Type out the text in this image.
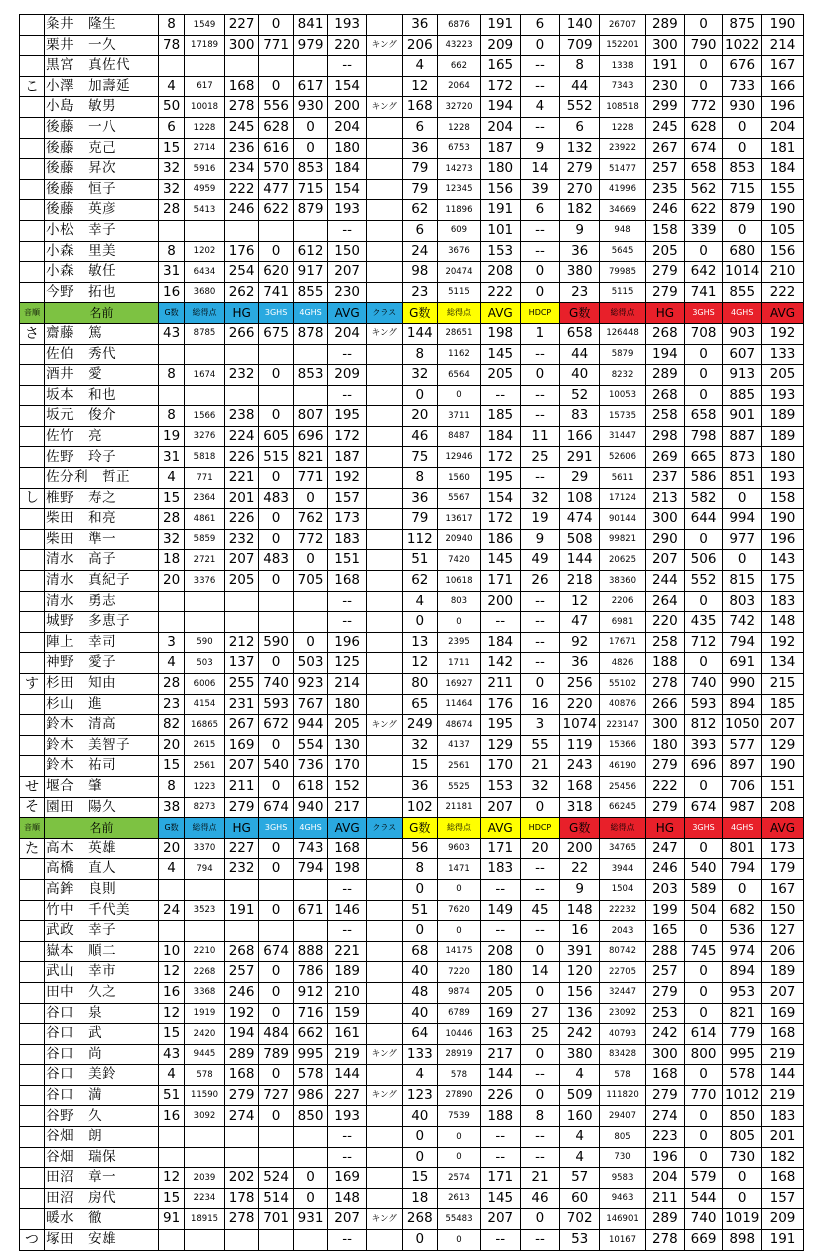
	粂井　隆生	8	1549	227	0	841	193		36	6876	191	6	140	26707	289	0	875	190
	栗井　一久	78	17189	300	771	979	220	キング	206	43223	209	0	709	152201	300	790	1022	214
	黒宮　真佐代						--		4	662	165	--	8	1338	191	0	676	167
こ	小澤　加壽延	4	617	168	0	617	154		12	2064	172	--	44	7343	230	0	733	166
	小島　敏男	50	10018	278	556	930	200	キング	168	32720	194	4	552	108518	299	772	930	196
	後藤　一八	6	1228	245	628	0	204		6	1228	204	--	6	1228	245	628	0	204
	後藤　克己	15	2714	236	616	0	180		36	6753	187	9	132	23922	267	674	0	181
	後藤　昇次	32	5916	234	570	853	184		79	14273	180	14	279	51477	257	658	853	184
	後藤　恒子	32	4959	222	477	715	154		79	12345	156	39	270	41996	235	562	715	155
	後藤　英彦	28	5413	246	622	879	193		62	11896	191	6	182	34669	246	622	879	190
	小松　幸子						--		6	609	101	--	9	948	158	339	0	105
	小森　里美	8	1202	176	0	612	150		24	3676	153	--	36	5645	205	0	680	156
	小森　敏任	31	6434	254	620	917	207		98	20474	208	0	380	79985	279	642	1014	210
	今野　拓也	16	3680	262	741	855	230		23	5115	222	0	23	5115	279	741	855	222
音順	名前	G数	総得点	HG	3GHS	4GHS	AVG	クラス	G数	総得点	AVG	HDCP	G数	総得点	HG	3GHS	4GHS	AVG
さ	齋藤　篤	43	8785	266	675	878	204	キング	144	28651	198	1	658	126448	268	708	903	192
	佐伯　秀代						--		8	1162	145	--	44	5879	194	0	607	133
	酒井　愛	8	1674	232	0	853	209		32	6564	205	0	40	8232	289	0	913	205
	坂本　和也						--		0	0	--	--	52	10053	268	0	885	193
	坂元　俊介	8	1566	238	0	807	195		20	3711	185	--	83	15735	258	658	901	189
	佐竹　亮	19	3276	224	605	696	172		46	8487	184	11	166	31447	298	798	887	189
	佐野　玲子	31	5818	226	515	821	187		75	12946	172	25	291	52606	269	665	873	180
	佐分利　哲正	4	771	221	0	771	192		8	1560	195	--	29	5611	237	586	851	193
し	椎野　寿之	15	2364	201	483	0	157		36	5567	154	32	108	17124	213	582	0	158
	柴田　和亮	28	4861	226	0	762	173		79	13617	172	19	474	90144	300	644	994	190
	柴田　準一	32	5859	232	0	772	183		112	20940	186	9	508	99821	290	0	977	196
	清水　高子	18	2721	207	483	0	151		51	7420	145	49	144	20625	207	506	0	143
	清水　真紀子	20	3376	205	0	705	168		62	10618	171	26	218	38360	244	552	815	175
	清水　勇志						--		4	803	200	--	12	2206	264	0	803	183
	城野　多恵子						--		0	0	--	--	47	6981	220	435	742	148
	陣上　幸司	3	590	212	590	0	196		13	2395	184	--	92	17671	258	712	794	192
	神野　愛子	4	503	137	0	503	125		12	1711	142	--	36	4826	188	0	691	134
す	杉田　知由	28	6006	255	740	923	214		80	16927	211	0	256	55102	278	740	990	215
	杉山　進	23	4154	231	593	767	180		65	11464	176	16	220	40876	266	593	894	185
	鈴木　清高	82	16865	267	672	944	205	キング	249	48674	195	3	1074	223147	300	812	1050	207
	鈴木　美智子	20	2615	169	0	554	130		32	4137	129	55	119	15366	180	393	577	129
	鈴木　祐司	15	2561	207	540	736	170		15	2561	170	21	243	46190	279	696	897	190
せ	堰合　肇	8	1223	211	0	618	152		36	5525	153	32	168	25456	222	0	706	151
そ	園田　陽久	38	8273	279	674	940	217		102	21181	207	0	318	66245	279	674	987	208
音順	名前	G数	総得点	HG	3GHS	4GHS	AVG	クラス	G数	総得点	AVG	HDCP	G数	総得点	HG	3GHS	4GHS	AVG
た	高木　英雄	20	3370	227	0	743	168		56	9603	171	20	200	34765	247	0	801	173
	高橋　直人	4	794	232	0	794	198		8	1471	183	--	22	3944	246	540	794	179
	高鉾　良則						--		0	0	--	--	9	1504	203	589	0	167
	竹中　千代美	24	3523	191	0	671	146		51	7620	149	45	148	22232	199	504	682	150
	武政　幸子						--		0	0	--	--	16	2043	165	0	536	127
	嶽本　順二	10	2210	268	674	888	221		68	14175	208	0	391	80742	288	745	974	206
	武山　幸市	12	2268	257	0	786	189		40	7220	180	14	120	22705	257	0	894	189
	田中　久之	16	3368	246	0	912	210		48	9874	205	0	156	32447	279	0	953	207
	谷口　泉	12	1919	192	0	716	159		40	6789	169	27	136	23092	253	0	821	169
	谷口　武	15	2420	194	484	662	161		64	10446	163	25	242	40793	242	614	779	168
	谷口　尚	43	9445	289	789	995	219	キング	133	28919	217	0	380	83428	300	800	995	219
	谷口　美鈴	4	578	168	0	578	144		4	578	144	--	4	578	168	0	578	144
	谷口　満	51	11590	279	727	986	227	キング	123	27890	226	0	509	111820	279	770	1012	219
	谷野　久	16	3092	274	0	850	193		40	7539	188	8	160	29407	274	0	850	183
	谷畑　朗						--		0	0	--	--	4	805	223	0	805	201
	谷畑　瑞保						--		0	0	--	--	4	730	196	0	730	182
	田沼　章一	12	2039	202	524	0	169		15	2574	171	21	57	9583	204	579	0	168
	田沼　房代	15	2234	178	514	0	148		18	2613	145	46	60	9463	211	544	0	157
	暖水　徹	91	18915	278	701	931	207	キング	268	55483	207	0	702	146901	289	740	1019	209
つ	塚田　安雄						--		0	0	--	--	53	10167	278	669	898	191
